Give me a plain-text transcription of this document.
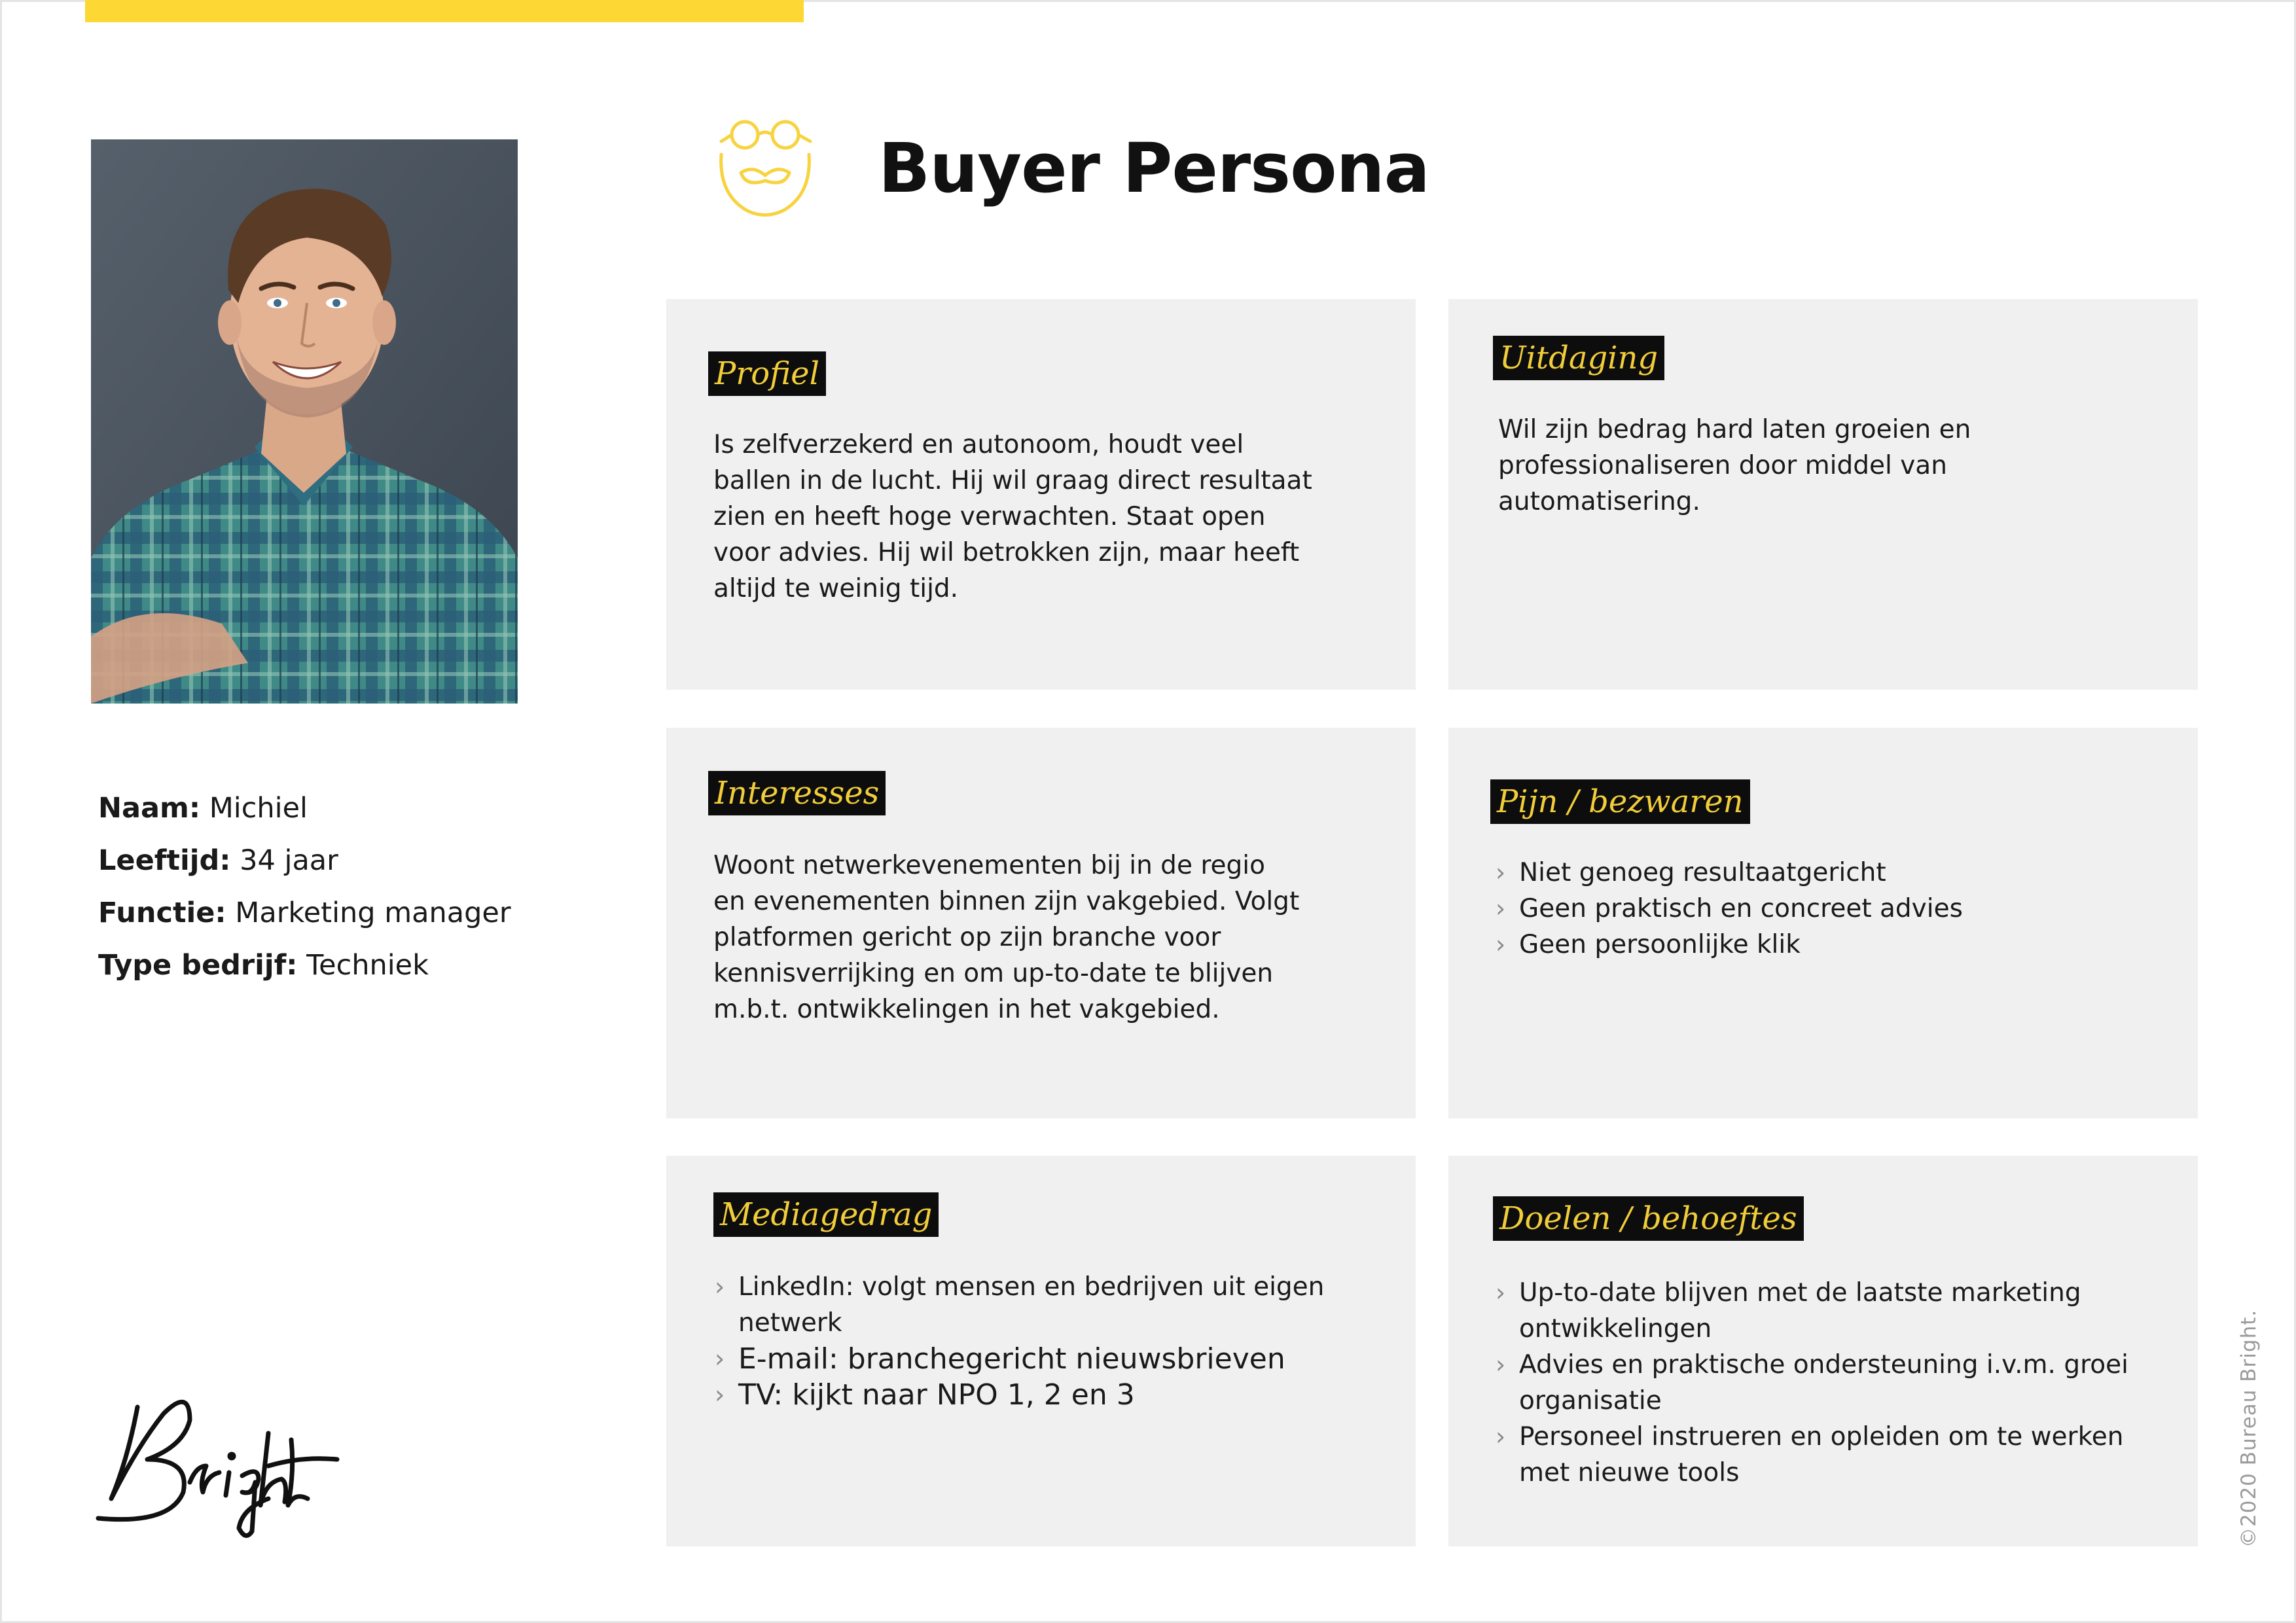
Naam: Michiel
Leeftijd: 34 jaar
Functie: Marketing manager
Type bedrijf: Techniek
Buyer Persona
Profiel
Is zelfverzekerd en autonoom, houdt veel
ballen in de lucht. Hij wil graag direct resultaat
zien en heeft hoge verwachten. Staat open
voor advies. Hij wil betrokken zijn, maar heeft
altijd te weinig tijd.
Uitdaging
Wil zijn bedrag hard laten groeien en
professionaliseren door middel van
automatisering.
Interesses
Woont netwerkevenementen bij in de regio
en evenementen binnen zijn vakgebied. Volgt
platformen gericht op zijn branche voor
kennisverrijking en om up-to-date te blijven
m.b.t. ontwikkelingen in het vakgebied.
Pijn / bezwaren
› Niet genoeg resultaatgericht
› Geen praktisch en concreet advies
› Geen persoonlijke klik
Mediagedrag
› LinkedIn: volgt mensen en bedrijven uit eigen
netwerk
› E-mail: branchegericht nieuwsbrieven
› TV: kijkt naar NPO 1, 2 en 3
Doelen / behoeftes
› Up-to-date blijven met de laatste marketing
ontwikkelingen
› Advies en praktische ondersteuning i.v.m. groei
organisatie
› Personeel instrueren en opleiden om te werken
met nieuwe tools	©2020 Bureau Bright.
